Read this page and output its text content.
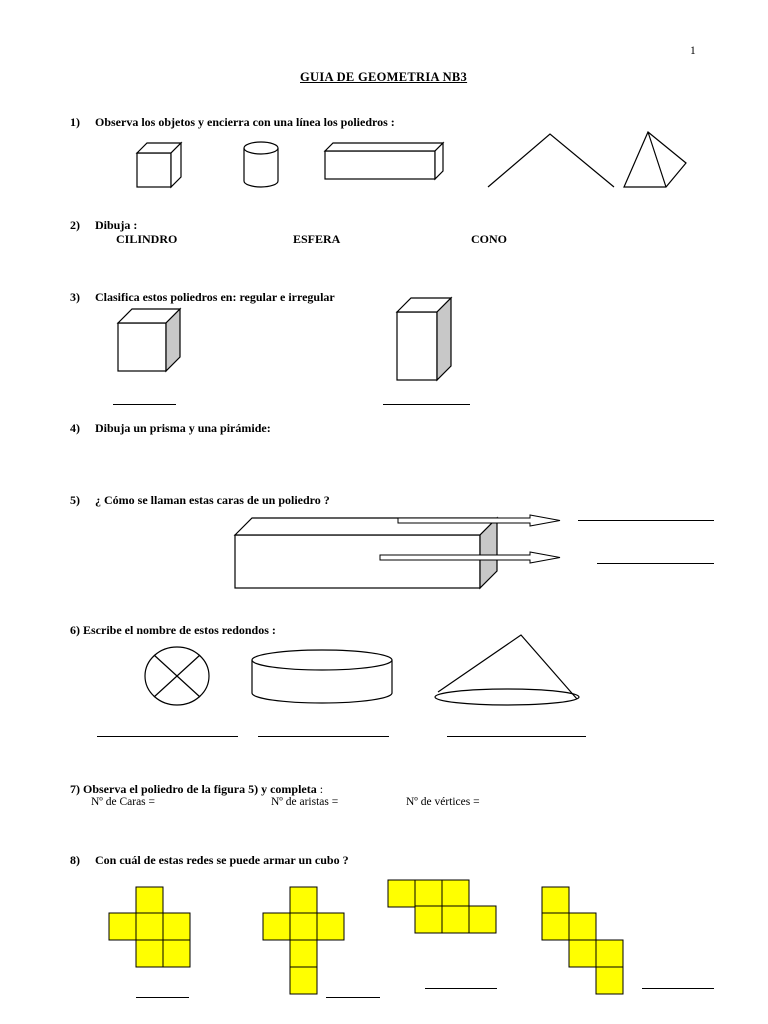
1
GUIA DE GEOMETRIA NB3
1) Observa los objetos y encierra con una línea los poliedros :
2) Dibuja :
CILINDRO	ESFERA	CONO
3) Clasifica estos poliedros en: regular e irregular
4) Dibuja un prisma y una pirámide:
5) ¿ Cómo se llaman estas caras de un poliedro ?
6) Escribe el nombre de estos redondos :
7) Observa el poliedro de la figura 5) y completa :
Nº de Caras =	Nº de aristas =	Nº de vértices =
8) Con cuál de estas redes se puede armar un cubo ?
